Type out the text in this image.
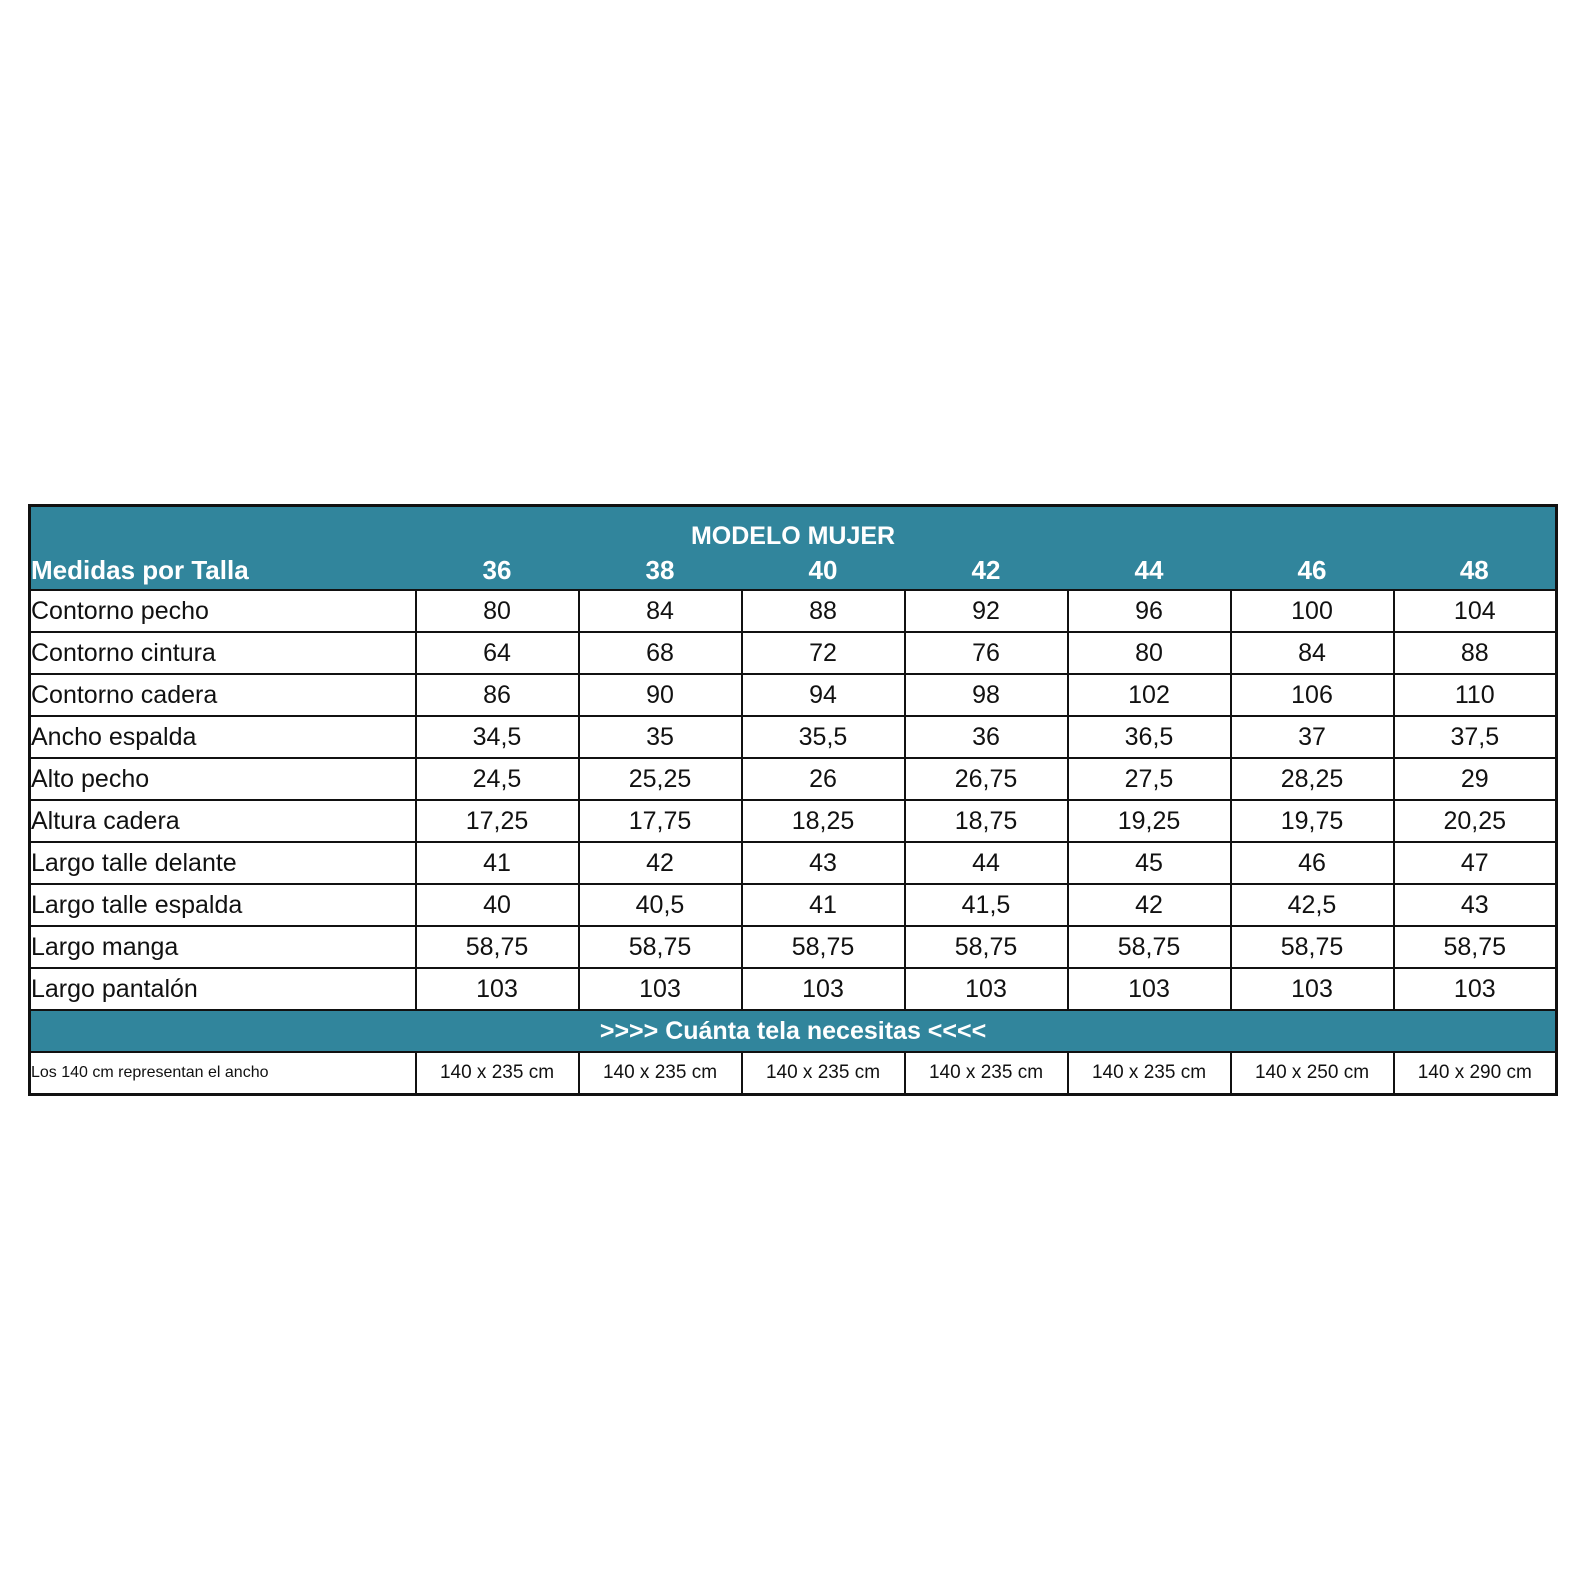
MODELO MUJER							
Medidas por Talla	36	38	40	42	44	46	48
Contorno pecho	80	84	88	92	96	100	104
Contorno cintura	64	68	72	76	80	84	88
Contorno cadera	86	90	94	98	102	106	110
Ancho espalda	34,5	35	35,5	36	36,5	37	37,5
Alto pecho	24,5	25,25	26	26,75	27,5	28,25	29
Altura cadera	17,25	17,75	18,25	18,75	19,25	19,75	20,25
Largo talle delante	41	42	43	44	45	46	47
Largo talle espalda	40	40,5	41	41,5	42	42,5	43
Largo manga	58,75	58,75	58,75	58,75	58,75	58,75	58,75
Largo pantalón	103	103	103	103	103	103	103
>>>> Cuánta tela necesitas <<<<							
Los 140 cm representan el ancho	140 x 235 cm	140 x 235 cm	140 x 235 cm	140 x 235 cm	140 x 235 cm	140 x 250 cm	140 x 290 cm
